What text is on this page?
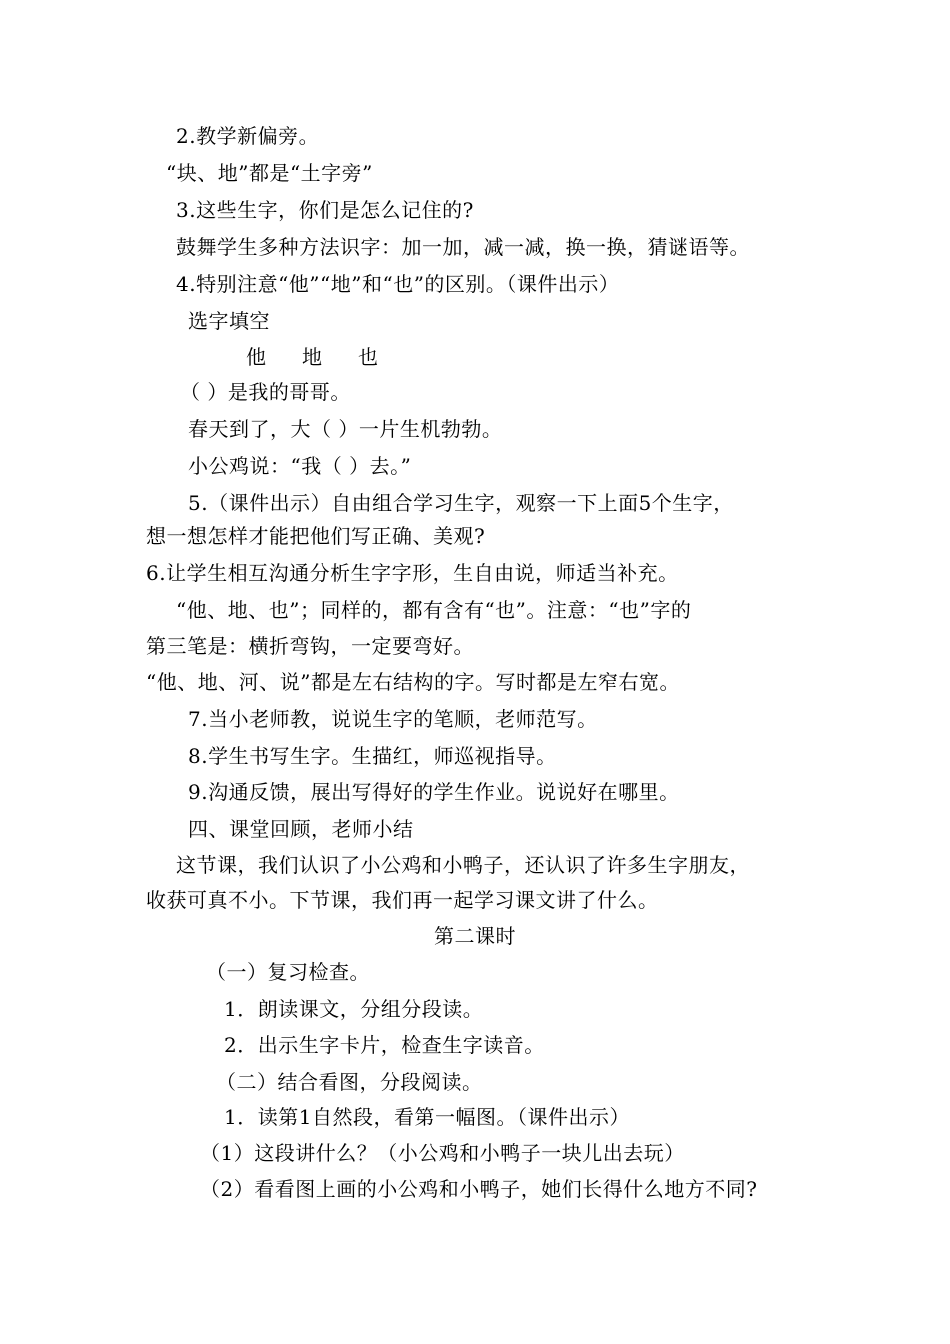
2.教学新偏旁。
“块、地”都是“土字旁”
3.这些生字，你们是怎么记住的?
鼓舞学生多种方法识字：加一加，减一减，换一换，猜谜语等。
4.特别注意“他”“地”和“也”的区别。（课件出示）
选字填空
他 地 也
（ ）是我的哥哥。
春天到了，大（ ）一片生机勃勃。
小公鸡说：“我（ ）去。”
5.（课件出示）自由组合学习生字，观察一下上面5个生字，
想一想怎样才能把他们写正确、美观?
6.让学生相互沟通分析生字字形，生自由说，师适当补充。
“他、地、也”；同样的，都有含有“也”。注意：“也”字的
第三笔是：横折弯钩，一定要弯好。
“他、地、河、说”都是左右结构的字。写时都是左窄右宽。
7.当小老师教，说说生字的笔顺，老师范写。
8.学生书写生字。生描红，师巡视指导。
9.沟通反馈，展出写得好的学生作业。说说好在哪里。
四、课堂回顾，老师小结
这节课，我们认识了小公鸡和小鸭子，还认识了许多生字朋友，
收获可真不小。下节课，我们再一起学习课文讲了什么。
第二课时
（一）复习检查。
1．朗读课文，分组分段读。
2．出示生字卡片，检查生字读音。
（二）结合看图，分段阅读。
1．读第1自然段，看第一幅图。（课件出示）
（1）这段讲什么？（小公鸡和小鸭子一块儿出去玩）
（2）看看图上画的小公鸡和小鸭子，她们长得什么地方不同?
